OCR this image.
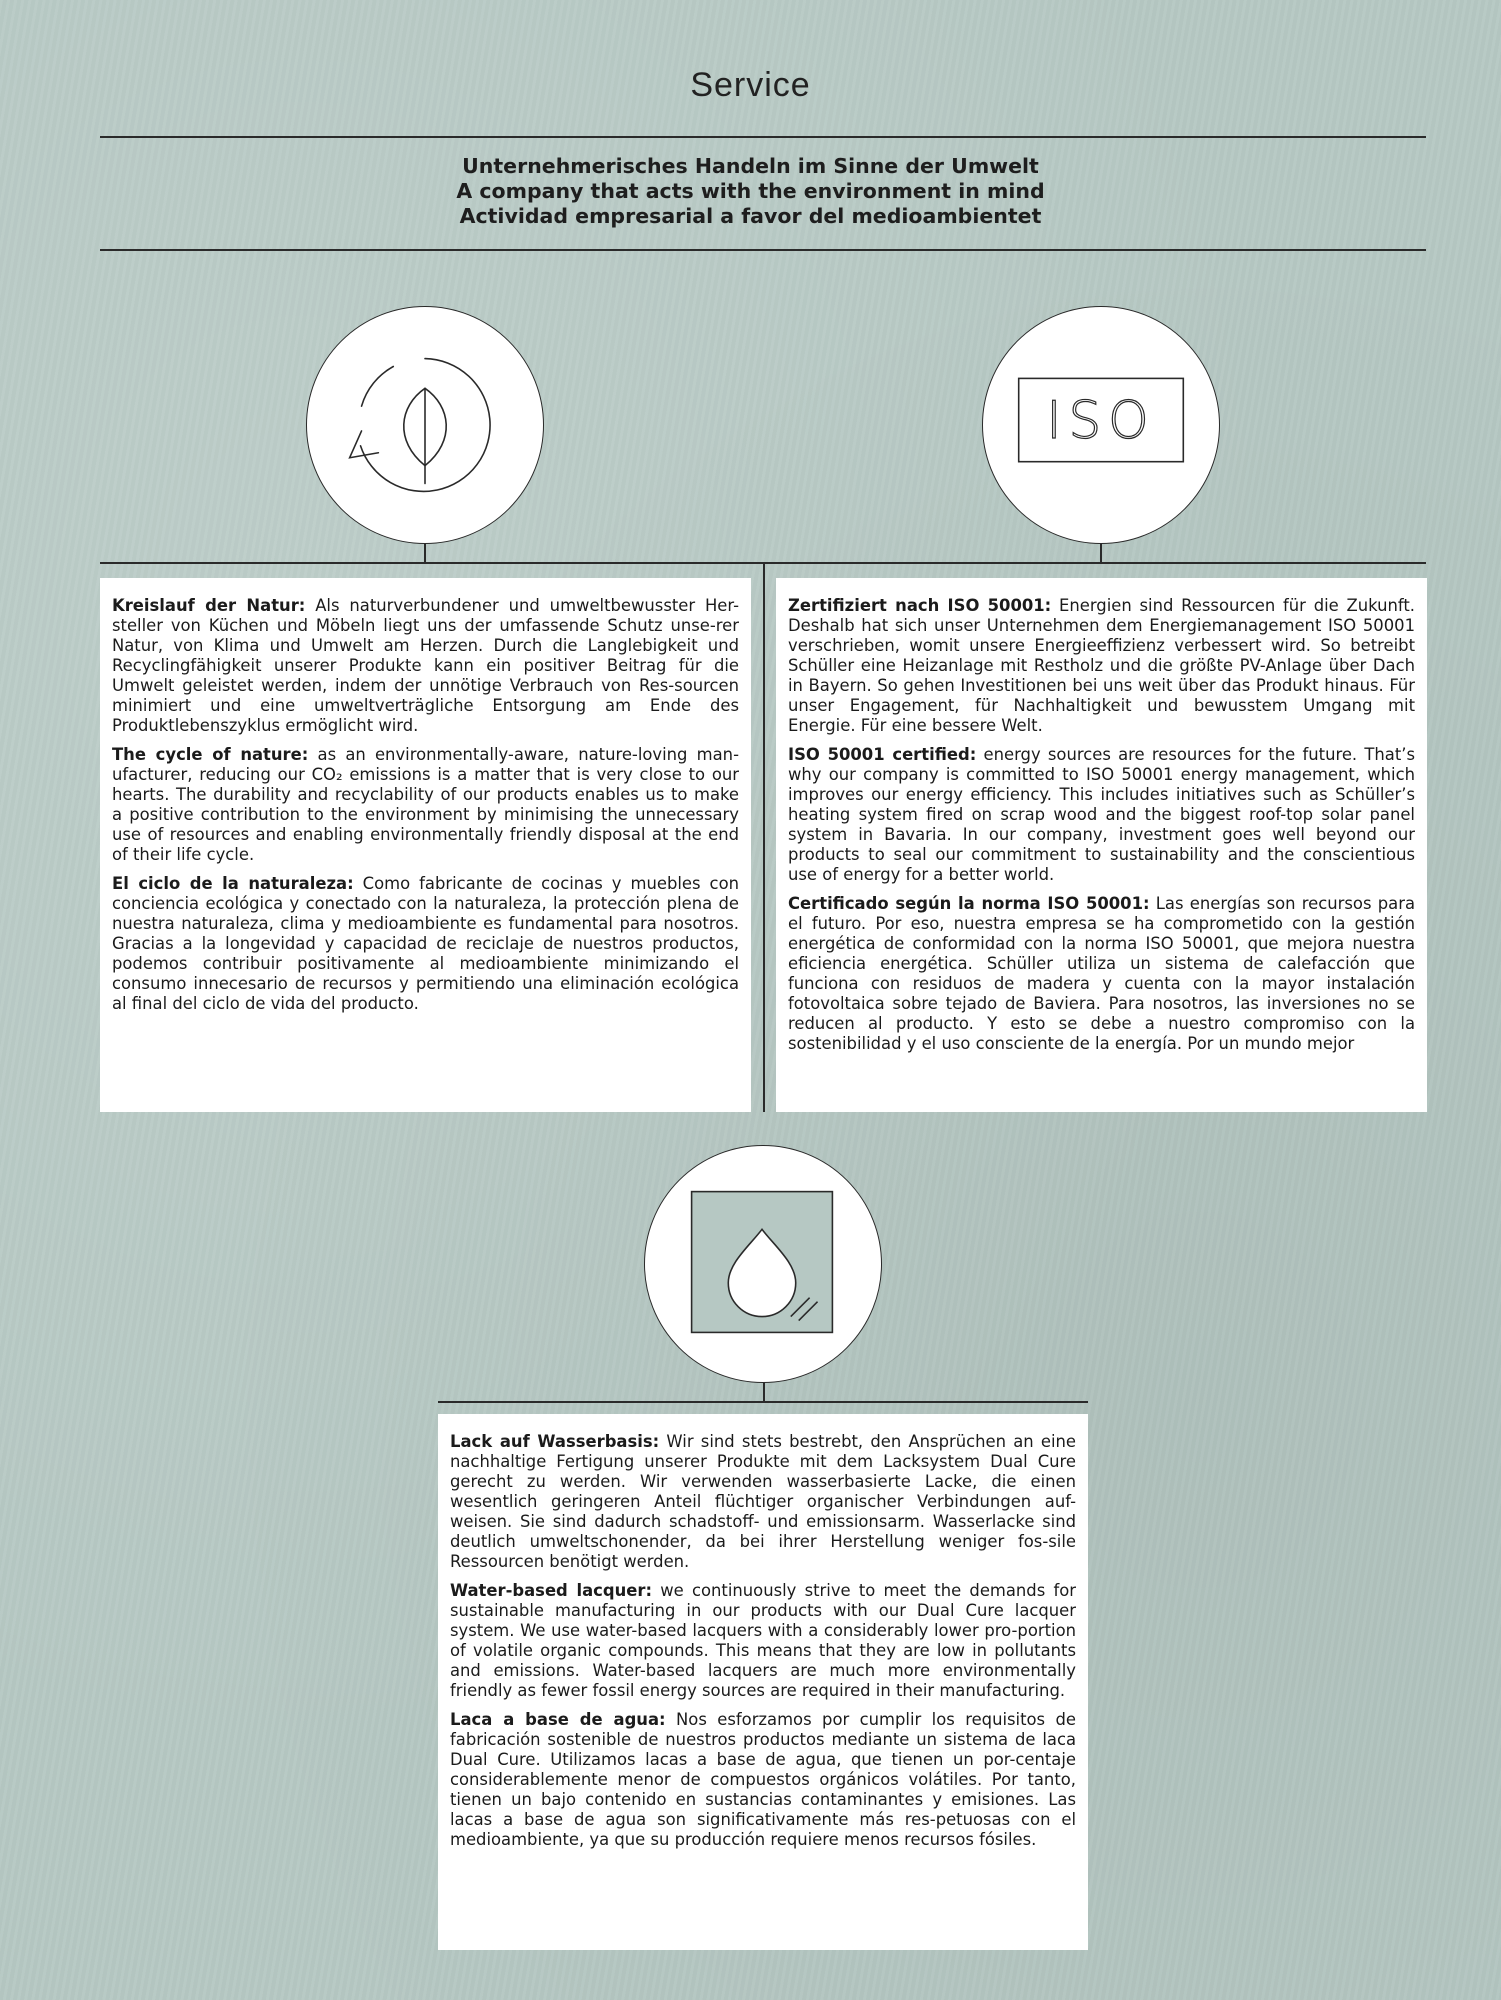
Service
Unternehmerisches Handeln im Sinne der Umwelt
A company that acts with the environment in mind
Actividad empresarial a favor del medioambientet
ISO

Kreislauf der Natur: Als naturverbundener und umweltbewusster Her-steller von Küchen und Möbeln liegt uns der umfassende Schutz unse-rer Natur, von Klima und Umwelt am Herzen. Durch die Langlebigkeit und Recyclingfähigkeit unserer Produkte kann ein positiver Beitrag für die Umwelt geleistet werden, indem der unnötige Verbrauch von Res-sourcen minimiert und eine umweltverträgliche Entsorgung am Ende des Produktlebenszyklus ermöglicht wird.

The cycle of nature: as an environmentally-aware, nature-loving man-ufacturer, reducing our CO₂ emissions is a matter that is very close to our hearts. The durability and recyclability of our products enables us to make a positive contribution to the environment by minimising the unnecessary use of resources and enabling environmentally friendly disposal at the end of their life cycle.

El ciclo de la naturaleza: Como fabricante de cocinas y muebles con conciencia ecológica y conectado con la naturaleza, la protección plena de nuestra naturaleza, clima y medioambiente es fundamental para nosotros. Gracias a la longevidad y capacidad de reciclaje de nuestros productos, podemos contribuir positivamente al medioambiente minimizando el consumo innecesario de recursos y permitiendo una eliminación ecológica al final del ciclo de vida del producto.

Zertifiziert nach ISO 50001: Energien sind Ressourcen für die Zukunft. Deshalb hat sich unser Unternehmen dem Energiemanagement ISO 50001 verschrieben, womit unsere Energieeffizienz verbessert wird. So betreibt Schüller eine Heizanlage mit Restholz und die größte PV-Anlage über Dach in Bayern. So gehen Investitionen bei uns weit über das Produkt hinaus. Für unser Engagement, für Nachhaltigkeit und bewusstem Umgang mit Energie. Für eine bessere Welt.

ISO 50001 certified: energy sources are resources for the future. That’s why our company is committed to ISO 50001 energy management, which improves our energy efficiency. This includes initiatives such as Schüller’s heating system fired on scrap wood and the biggest roof-top solar panel system in Bavaria. In our company, investment goes well beyond our products to seal our commitment to sustainability and the conscientious use of energy for a better world.

Certificado según la norma ISO 50001: Las energías son recursos para el futuro. Por eso, nuestra empresa se ha comprometido con la gestión energética de conformidad con la norma ISO 50001, que mejora nuestra eficiencia energética. Schüller utiliza un sistema de calefacción que funciona con residuos de madera y cuenta con la mayor instalación fotovoltaica sobre tejado de Baviera. Para nosotros, las inversiones no se reducen al producto. Y esto se debe a nuestro compromiso con la sostenibilidad y el uso consciente de la energía. Por un mundo mejor

Lack auf Wasserbasis: Wir sind stets bestrebt, den Ansprüchen an eine nachhaltige Fertigung unserer Produkte mit dem Lacksystem Dual Cure gerecht zu werden. Wir verwenden wasserbasierte Lacke, die einen wesentlich geringeren Anteil flüchtiger organischer Verbindungen auf-weisen. Sie sind dadurch schadstoff- und emissionsarm. Wasserlacke sind deutlich umweltschonender, da bei ihrer Herstellung weniger fos-sile Ressourcen benötigt werden.

Water-based lacquer: we continuously strive to meet the demands for sustainable manufacturing in our products with our Dual Cure lacquer system. We use water-based lacquers with a considerably lower pro-portion of volatile organic compounds. This means that they are low in pollutants and emissions. Water-based lacquers are much more environmentally friendly as fewer fossil energy sources are required in their manufacturing.

Laca a base de agua: Nos esforzamos por cumplir los requisitos de fabricación sostenible de nuestros productos mediante un sistema de laca Dual Cure. Utilizamos lacas a base de agua, que tienen un por-centaje considerablemente menor de compuestos orgánicos volátiles. Por tanto, tienen un bajo contenido en sustancias contaminantes y emisiones. Las lacas a base de agua son significativamente más res-petuosas con el medioambiente, ya que su producción requiere menos recursos fósiles.
